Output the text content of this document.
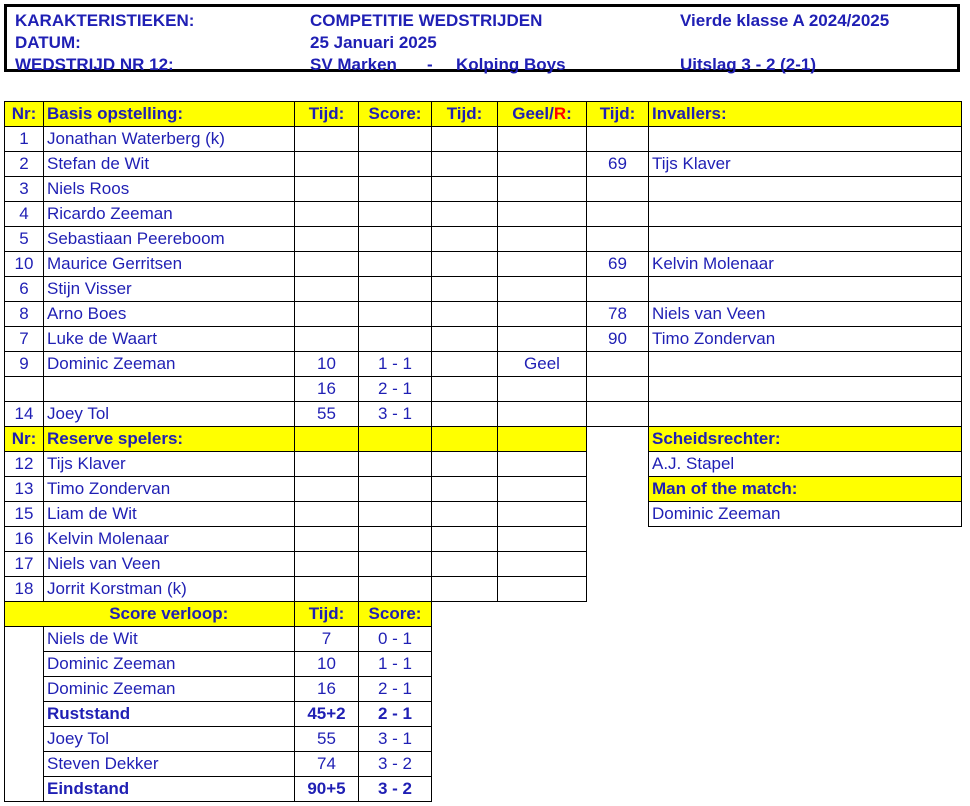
KARAKTERISTIEKEN:
DATUM:
WEDSTRIJD NR 12:
COMPETITIE WEDSTRIJDEN
25 Januari 2025
SV Marken - Kolping Boys
Vierde klasse A 2024/2025
Uitslag 3 - 2 (2-1)
Nr:	Basis opstelling:	Tijd:	Score:	Tijd:	Geel/R:	Tijd:	Invallers:
1	Jonathan Waterberg (k)						
2	Stefan de Wit					69	Tijs Klaver
3	Niels Roos						
4	Ricardo Zeeman						
5	Sebastiaan Peereboom						
10	Maurice Gerritsen					69	Kelvin Molenaar
6	Stijn Visser						
8	Arno Boes					78	Niels van Veen
7	Luke de Waart					90	Timo Zondervan
9	Dominic Zeeman	10	1 - 1		Geel		
		16	2 - 1				
14	Joey Tol	55	3 - 1				
Nr:	Reserve spelers:						Scheidsrechter:
12	Tijs Klaver						A.J. Stapel
13	Timo Zondervan						Man of the match:
15	Liam de Wit						Dominic Zeeman
16	Kelvin Molenaar						
17	Niels van Veen						
18	Jorrit Korstman (k)						
	Score verloop:	Tijd:	Score:				
	Niels de Wit	7	0 - 1				
	Dominic Zeeman	10	1 - 1				
	Dominic Zeeman	16	2 - 1				
	Ruststand	45+2	2 - 1				
	Joey Tol	55	3 - 1				
	Steven Dekker	74	3 - 2				
	Eindstand	90+5	3 - 2				
